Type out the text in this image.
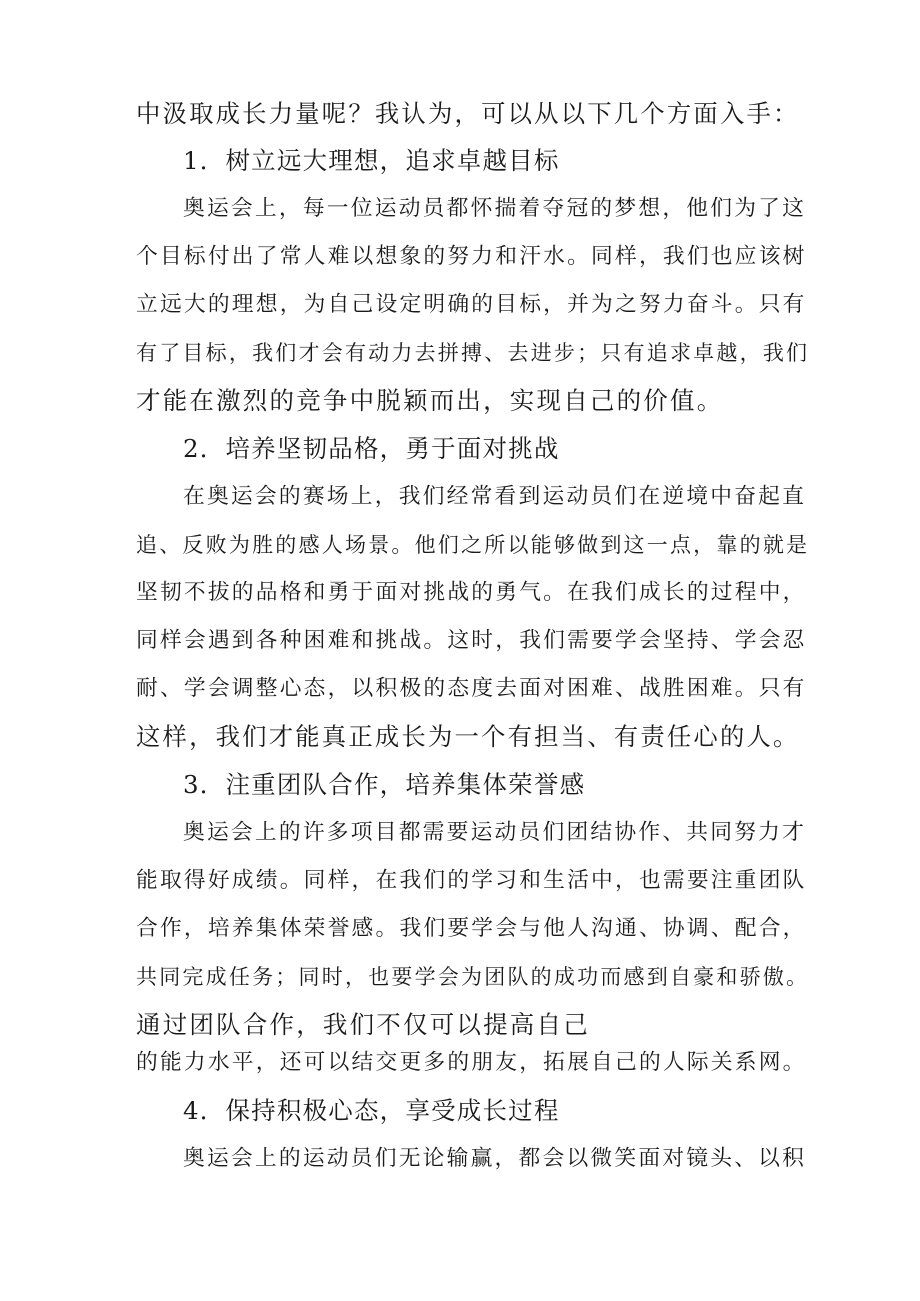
中汲取成长力量呢？我认为，可以从以下几个方面入手：
1．树立远大理想，追求卓越目标
奥运会上，每一位运动员都怀揣着夺冠的梦想，他们为了这
个目标付出了常人难以想象的努力和汗水。同样，我们也应该树
立远大的理想，为自己设定明确的目标，并为之努力奋斗。只有
有了目标，我们才会有动力去拼搏、去进步；只有追求卓越，我们
才能在激烈的竞争中脱颖而出，实现自己的价值。
2．培养坚韧品格，勇于面对挑战
在奥运会的赛场上，我们经常看到运动员们在逆境中奋起直
追、反败为胜的感人场景。他们之所以能够做到这一点，靠的就是
坚韧不拔的品格和勇于面对挑战的勇气。在我们成长的过程中，
同样会遇到各种困难和挑战。这时，我们需要学会坚持、学会忍
耐、学会调整心态，以积极的态度去面对困难、战胜困难。只有
这样，我们才能真正成长为一个有担当、有责任心的人。
3．注重团队合作，培养集体荣誉感
奥运会上的许多项目都需要运动员们团结协作、共同努力才
能取得好成绩。同样，在我们的学习和生活中，也需要注重团队
合作，培养集体荣誉感。我们要学会与他人沟通、协调、配合，
共同完成任务；同时，也要学会为团队的成功而感到自豪和骄傲。
通过团队合作，我们不仅可以提高自己
的能力水平，还可以结交更多的朋友，拓展自己的人际关系网。
4．保持积极心态，享受成长过程
奥运会上的运动员们无论输赢，都会以微笑面对镜头、以积
